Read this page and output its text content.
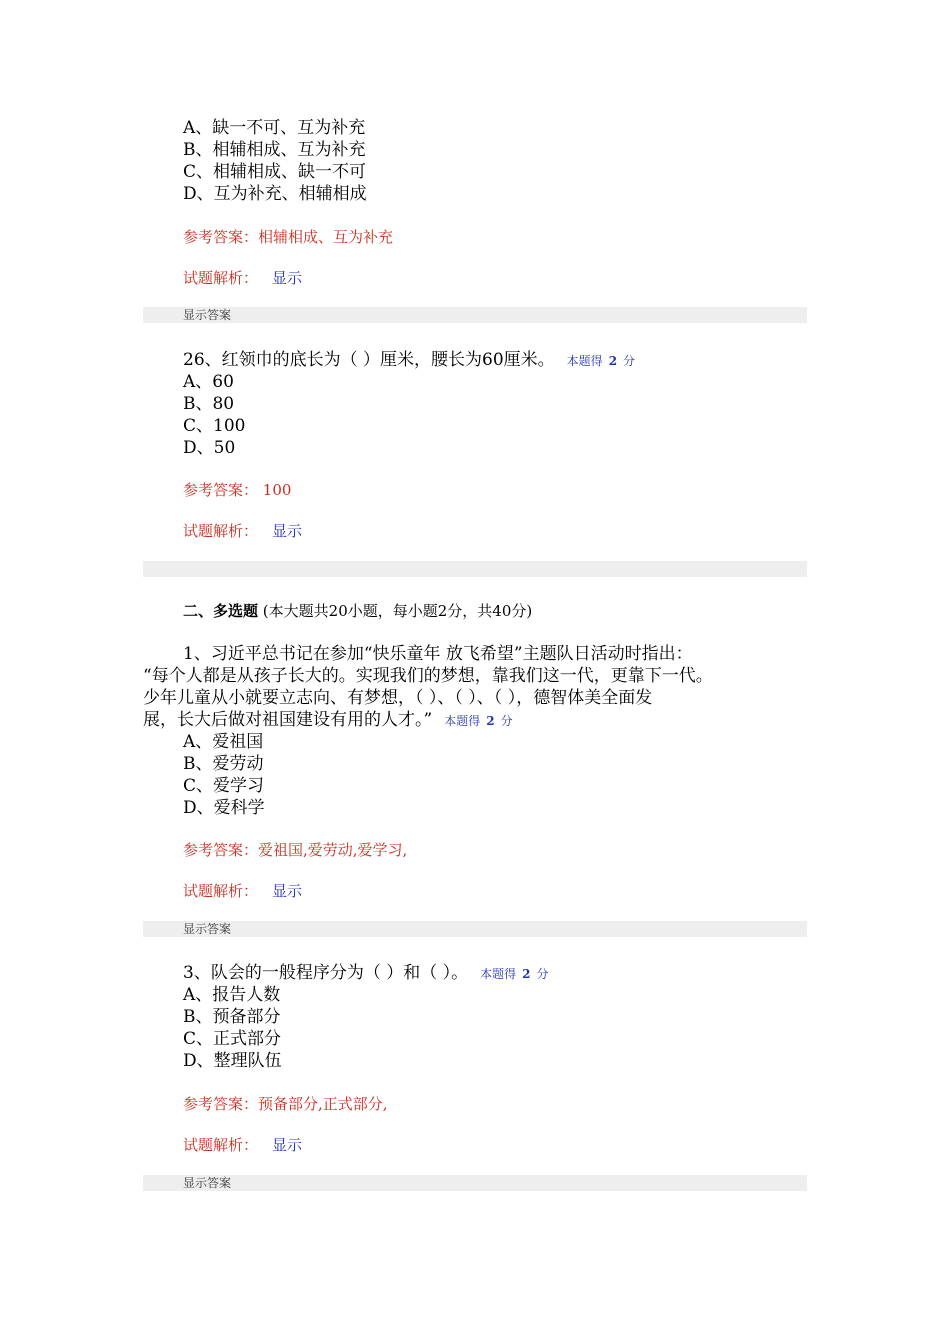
A、缺一不可、互为补充
B、相辅相成、互为补充
C、相辅相成、缺一不可
D、互为补充、相辅相成
参考答案：相辅相成、互为补充
试题解析： 显示
显示答案
26、红领巾的底长为（ ）厘米，腰长为60厘米。 本题得 2 分
A、60
B、80
C、100
D、50
参考答案： 100
试题解析： 显示
二、多选题 (本大题共20小题，每小题2分，共40分)
1、习近平总书记在参加“快乐童年 放飞希望”主题队日活动时指出：
“每个人都是从孩子长大的。实现我们的梦想，靠我们这一代，更靠下一代。
少年儿童从小就要立志向、有梦想，（ ）、（ ）、（ ），德智体美全面发
展，长大后做对祖国建设有用的人才。” 本题得 2 分
A、爱祖国
B、爱劳动
C、爱学习
D、爱科学
参考答案：爱祖国,爱劳动,爱学习,
试题解析： 显示
显示答案
3、队会的一般程序分为（ ）和（ ）。 本题得 2 分
A、报告人数
B、预备部分
C、正式部分
D、整理队伍
参考答案：预备部分,正式部分,
试题解析： 显示
显示答案
